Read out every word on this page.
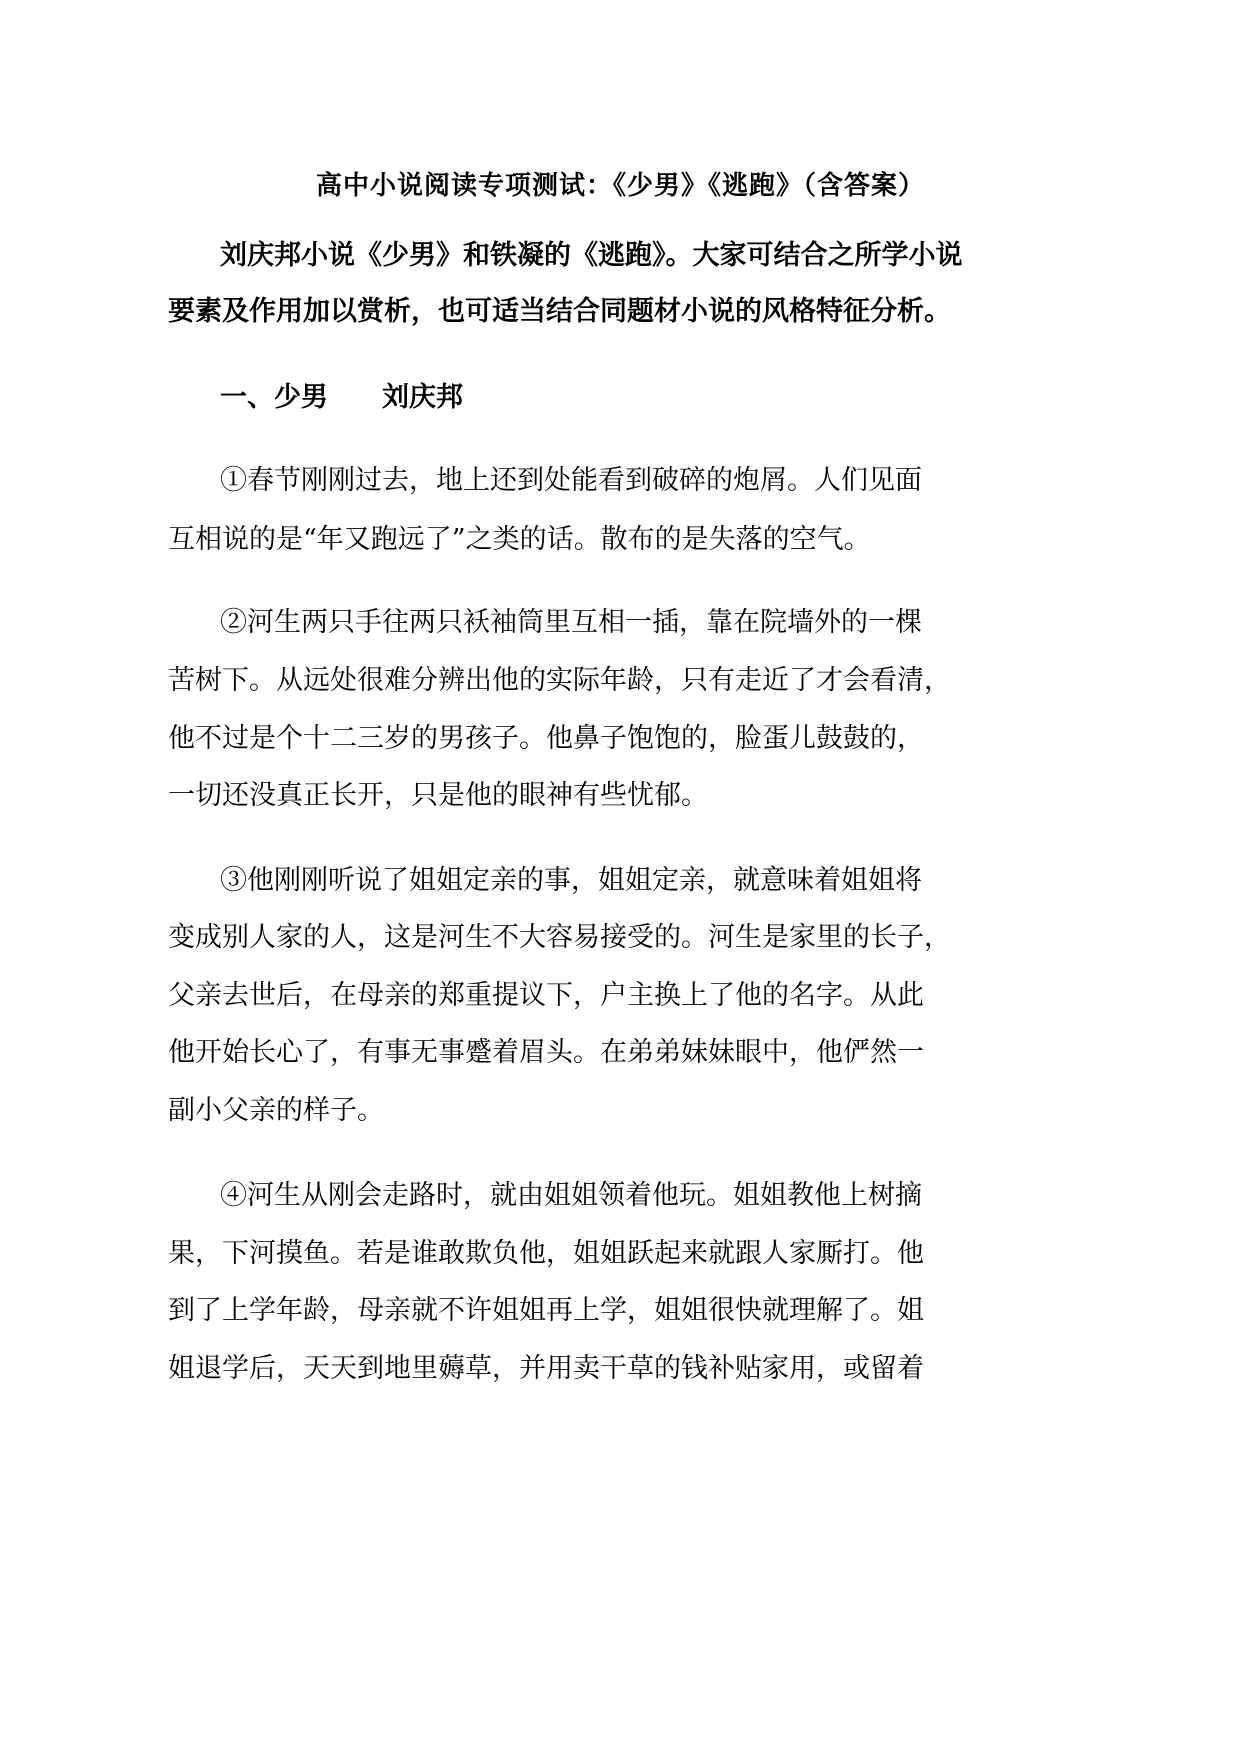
高中小说阅读专项测试：《少男》《逃跑》（含答案）

刘庆邦小说《少男》和铁凝的《逃跑》。大家可结合之所学小说

要素及作用加以赏析，也可适当结合同题材小说的风格特征分析。

一、少男　　刘庆邦

①春节刚刚过去，地上还到处能看到破碎的炮屑。人们见面

互相说的是“年又跑远了”之类的话。散布的是失落的空气。

②河生两只手往两只袄袖筒里互相一插，靠在院墙外的一棵

苦树下。从远处很难分辨出他的实际年龄，只有走近了才会看清，

他不过是个十二三岁的男孩子。他鼻子饱饱的，脸蛋儿鼓鼓的，

一切还没真正长开，只是他的眼神有些忧郁。

③他刚刚听说了姐姐定亲的事，姐姐定亲，就意味着姐姐将

变成别人家的人，这是河生不大容易接受的。河生是家里的长子，

父亲去世后，在母亲的郑重提议下，户主换上了他的名字。从此

他开始长心了，有事无事蹙着眉头。在弟弟妹妹眼中，他俨然一

副小父亲的样子。

④河生从刚会走路时，就由姐姐领着他玩。姐姐教他上树摘

果，下河摸鱼。若是谁敢欺负他，姐姐跃起来就跟人家厮打。他

到了上学年龄，母亲就不许姐姐再上学，姐姐很快就理解了。姐

姐退学后，天天到地里薅草，并用卖干草的钱补贴家用，或留着
